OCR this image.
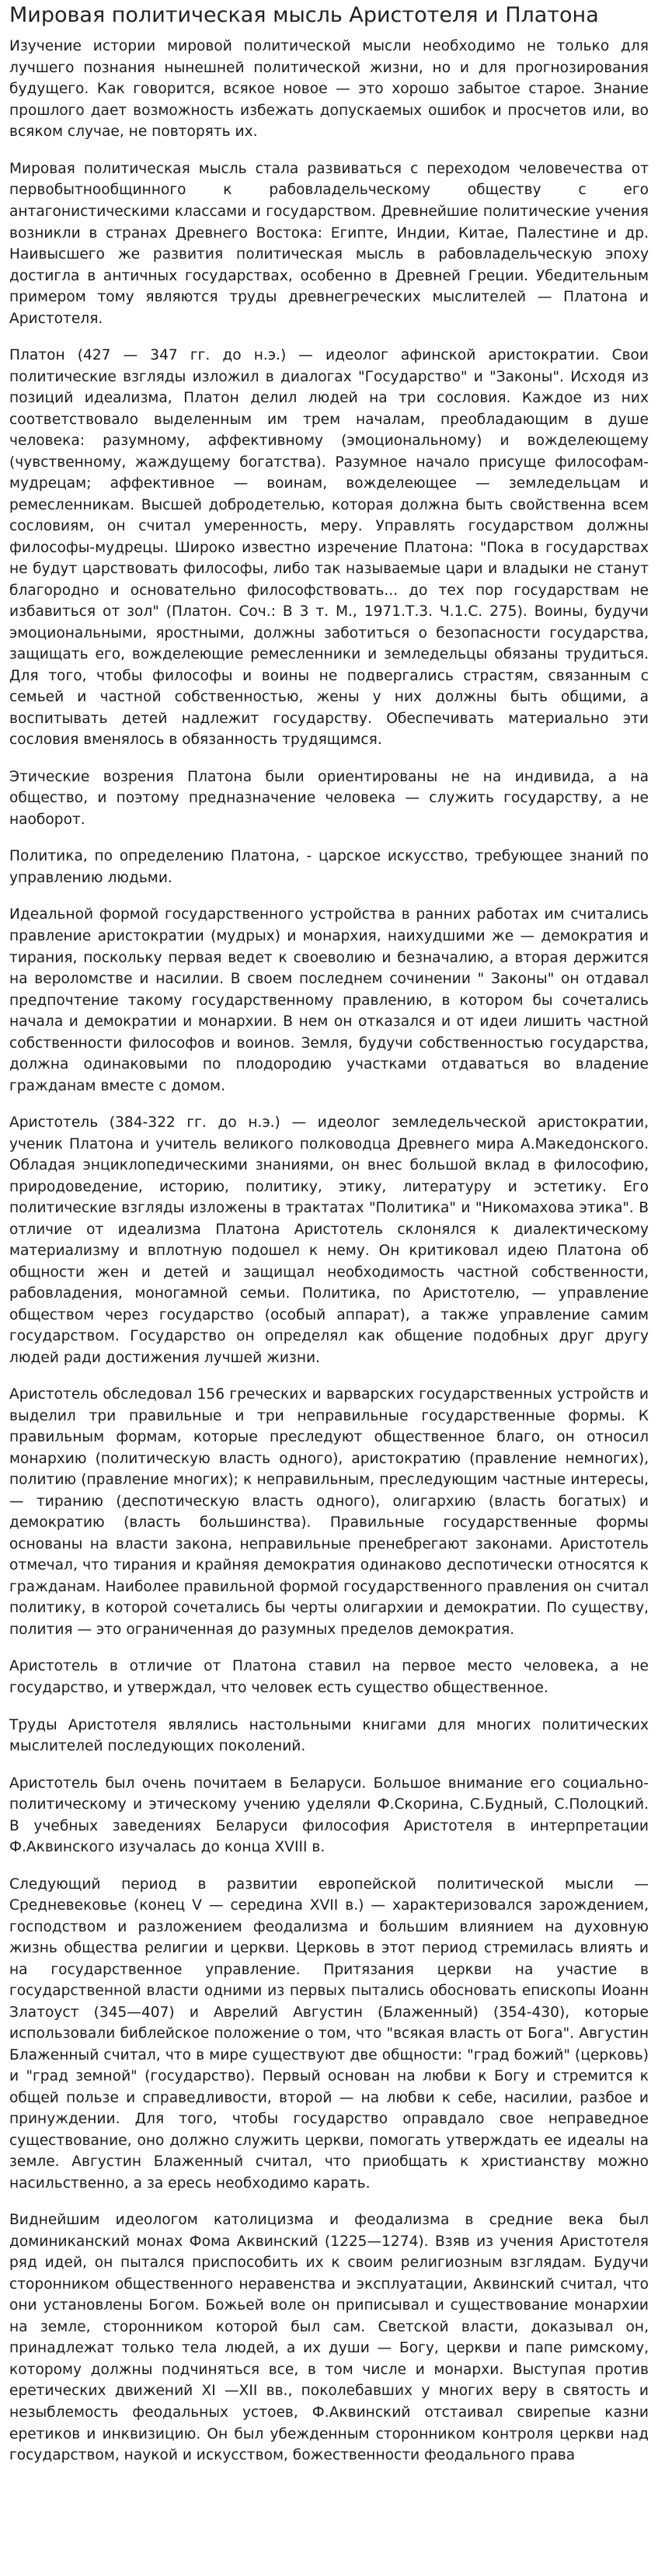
Мировая политическая мысль Аристотеля и Платона

Изучение истории мировой политической мысли необходимо не только для лучшего познания нынешней политической жизни, но и для прогнозирования будущего. Как говорится, всякое новое — это хорошо забытое старое. Знание прошлого дает возможность избежать допускаемых ошибок и просчетов или, во всяком случае, не повторять их.

Мировая политическая мысль стала развиваться с переходом человечества от первобытнообщинного к рабовладельческому обществу с его антагонистическими классами и государством. Древнейшие политические учения возникли в странах Древнего Востока: Египте, Индии, Китае, Палестине и др. Наивысшего же развития политическая мысль в рабовладельческую эпоху достигла в античных государствах, особенно в Древней Греции. Убедительным примером тому являются труды древнегреческих мыслителей — Платона и Аристотеля.

Платон (427 — 347 гг. до н.э.) — идеолог афинской аристократии. Свои политические взгляды изложил в диалогах "Государство" и "Законы". Исходя из позиций идеализма, Платон делил людей на три сословия. Каждое из них соответствовало выделенным им трем началам, преобладающим в душе человека: разумному, аффективному (эмоциональному) и вожделеющему (чувственному, жаждущему богатства). Разумное начало присуще философам-мудрецам; аффективное — воинам, вожделеющее — земледельцам и ремесленникам. Высшей добродетелью, которая должна быть свойственна всем сословиям, он считал умеренность, меру. Управлять государством должны философы-мудрецы. Широко известно изречение Платона: "Пока в государствах не будут царствовать философы, либо так называемые цари и владыки не станут благородно и основательно философствовать... до тех пор государствам не избавиться от зол" (Платон. Соч.: В 3 т. М., 1971.Т.3. Ч.1.С. 275). Воины, будучи эмоциональными, яростными, должны заботиться о безопасности государства, защищать его, вожделеющие ремесленники и земледельцы обязаны трудиться. Для того, чтобы философы и воины не подвергались страстям, связанным с семьей и частной собственностью, жены у них должны быть общими, а воспитывать детей надлежит государству. Обеспечивать материально эти сословия вменялось в обязанность трудящимся.

Этические возрения Платона были ориентированы не на индивида, а на общество, и поэтому предназначение человека — служить государству, а не наоборот.

Политика, по определению Платона, - царское искусство, требующее знаний по управлению людьми.

Идеальной формой государственного устройства в ранних работах им считались правление аристократии (мудрых) и монархия, наихудшими же — демократия и тирания, поскольку первая ведет к своеволию и безначалию, а вторая держится на вероломстве и насилии. В своем последнем сочинении " Законы" он отдавал предпочтение такому государственному правлению, в котором бы сочетались начала и демократии и монархии. В нем он отказался и от идеи лишить частной собственности философов и воинов. Земля, будучи собственностью государства, должна одинаковыми по плодородию участками отдаваться во владение гражданам вместе с домом.

Аристотель (384-322 гг. до н.э.) — идеолог земледельческой аристократии, ученик Платона и учитель великого полководца Древнего мира А.Македонского. Обладая энциклопедическими знаниями, он внес большой вклад в философию, природоведение, историю, политику, этику, литературу и эстетику. Его политические взгляды изложены в трактатах "Политика" и "Никомахова этика". В отличие от идеализма Платона Аристотель склонялся к диалектическому материализму и вплотную подошел к нему. Он критиковал идею Платона об общности жен и детей и защищал необходимость частной собственности, рабовладения, моногамной семьи. Политика, по Аристотелю, — управление обществом через государство (особый аппарат), а также управление самим государством. Государство он определял как общение подобных друг другу людей ради достижения лучшей жизни.

Аристотель обследовал 156 греческих и варварских государственных устройств и выделил три правильные и три неправильные государственные формы. К правильным формам, которые преследуют общественное благо, он относил монархию (политическую власть одного), аристократию (правление немногих), политию (правление многих); к неправильным, преследующим частные интересы, — тиранию (деспотическую власть одного), олигархию (власть богатых) и демократию (власть большинства). Правильные государственные формы основаны на власти закона, неправильные пренебрегают законами. Аристотель отмечал, что тирания и крайняя демократия одинаково деспотически относятся к гражданам. Наиболее правильной формой государственного правления он считал политику, в которой сочетались бы черты олигархии и демократии. По существу, полития — это ограниченная до разумных пределов демократия.

Аристотель в отличие от Платона ставил на первое место человека, а не государство, и утверждал, что человек есть существо общественное.

Труды Аристотеля являлись настольными книгами для многих политических мыслителей последующих поколений.

Аристотель был очень почитаем в Беларуси. Большое внимание его социально-политическому и этическому учению уделяли Ф.Скорина, С.Будный, С.Полоцкий. В учебных заведениях Беларуси философия Аристотеля в интерпретации Ф.Аквинского изучалась до конца XVIII в.

Следующий период в развитии европейской политической мысли — Средневековье (конец V — середина XVII в.) — характеризовался зарождением, господством и разложением феодализма и большим влиянием на духовную жизнь общества религии и церкви. Церковь в этот период стремилась влиять и на государственное управление. Притязания церкви на участие в государственной власти одними из первых пытались обосновать епископы Иоанн Златоуст (345—407) и Аврелий Августин (Блаженный) (354-430), которые использовали библейское положение о том, что "всякая власть от Бога". Августин Блаженный считал, что в мире существуют две общности: "град божий" (церковь) и "град земной" (государство). Первый основан на любви к Богу и стремится к общей пользе и справедливости, второй — на любви к себе, насилии, разбое и принуждении. Для того, чтобы государство оправдало свое неправедное существование, оно должно служить церкви, помогать утверждать ее идеалы на земле. Августин Блаженный считал, что приобщать к христианству можно насильственно, а за ересь необходимо карать.

Виднейшим идеологом католицизма и феодализма в средние века был доминиканский монах Фома Аквинский (1225—1274). Взяв из учения Аристотеля ряд идей, он пытался приспособить их к своим религиозным взглядам. Будучи сторонником общественного неравенства и эксплуатации, Аквинский считал, что они установлены Богом. Божьей воле он приписывал и существование монархии на земле, сторонником которой был сам. Светской власти, доказывал он, принадлежат только тела людей, а их души — Богу, церкви и папе римскому, которому должны подчиняться все, в том числе и монархи. Выступая против еретических движений XI —XII вв., поколебавших у многих веру в святость и незыблемость феодальных устоев, Ф.Аквинский отстаивал свирепые казни еретиков и инквизицию. Он был убежденным сторонником контроля церкви над государством, наукой и искусством, божественности феодального права
